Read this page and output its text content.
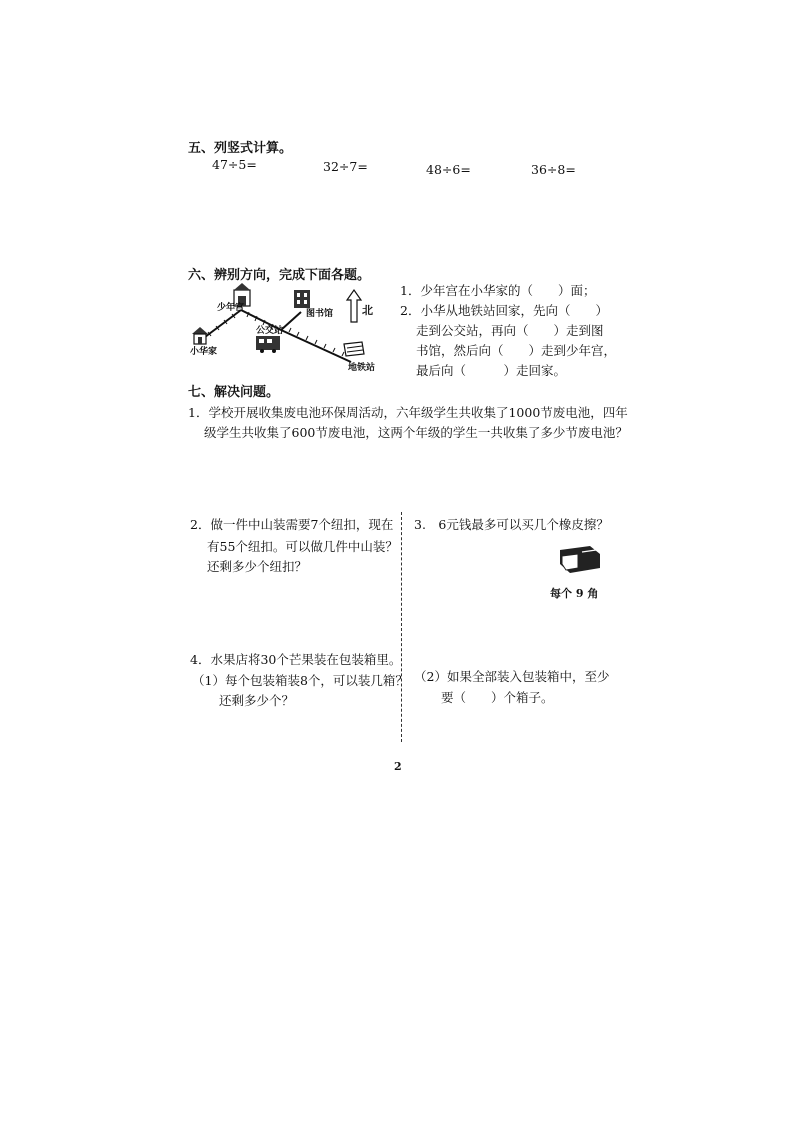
五、列竖式计算。
47÷5=	32÷7=	48÷6=	36÷8=
六、辨别方向，完成下面各题。
少年宫
图书馆
小华家
公交站
地铁站
北
1．少年宫在小华家的（　　）面；
2．小华从地铁站回家，先向（　　）
走到公交站，再向（　　）走到图
书馆，然后向（　　）走到少年宫，
最后向（　　　）走回家。
七、解决问题。
1．学校开展收集废电池环保周活动，六年级学生共收集了1000节废电池，四年
级学生共收集了600节废电池，这两个年级的学生一共收集了多少节废电池？
2．做一件中山装需要7个纽扣，现在
有55个纽扣。可以做几件中山装？
还剩多少个纽扣？
3.　6元钱最多可以买几个橡皮擦？
每个 9 角
4．水果店将30个芒果装在包装箱里。
（1）每个包装箱装8个，可以装几箱？
还剩多少个？
（2）如果全部装入包装箱中，至少
要（　　）个箱子。
2
